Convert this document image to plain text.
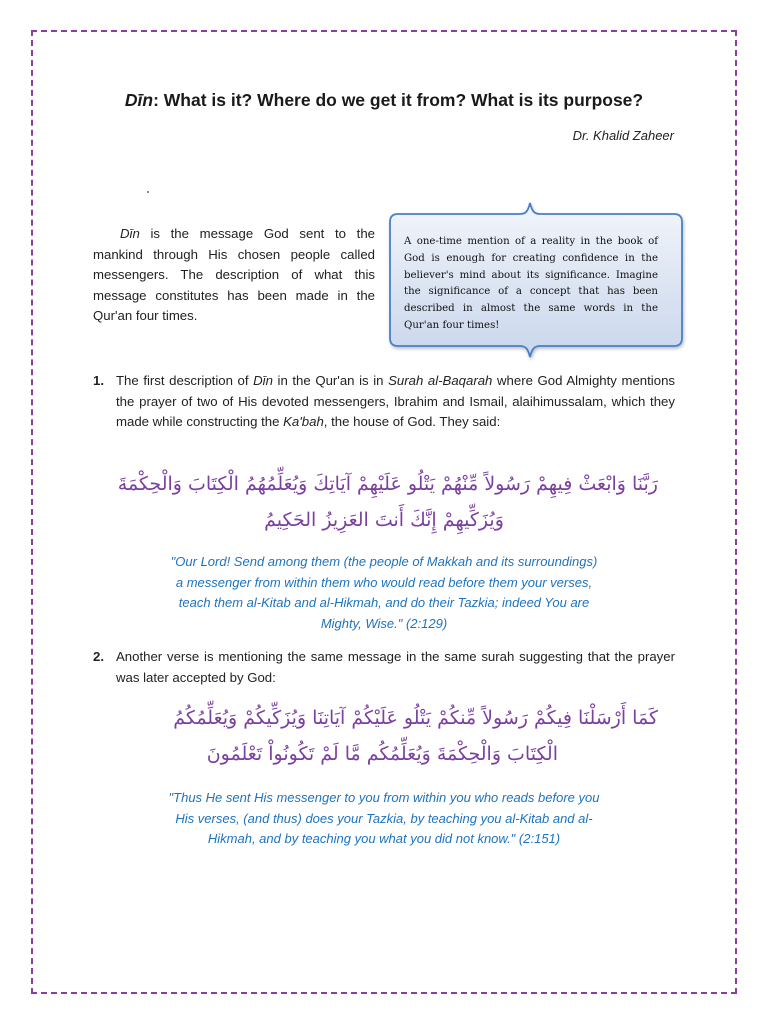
Dīn: What is it? Where do we get it from? What is its purpose?
Dr. Khalid Zaheer
Dīn is the message God sent to the mankind through His chosen people called messengers. The description of what this message constitutes has been made in the Qur'an four times.
A one-time mention of a reality in the book of God is enough for creating confidence in the believer's mind about its significance. Imagine the significance of a concept that has been described in almost the same words in the Qur'an four times!
1. The first description of Dīn in the Qur'an is in Surah al-Baqarah where God Almighty mentions the prayer of two of His devoted messengers, Ibrahim and Ismail, alaihimussalam, which they made while constructing the Ka'bah, the house of God. They said:
رَبَّنَا وَابْعَثْ فِيهِمْ رَسُولاً مِّنْهُمْ يَتْلُو عَلَيْهِمْ آيَاتِكَ وَيُعَلِّمُهُمُ الْكِتَابَ وَالْحِكْمَةَ
وَيُزَكِّيهِمْ إِنَّكَ أَنتَ العَزِيزُ الحَكِيمُ
"Our Lord! Send among them (the people of Makkah and its surroundings)
a messenger from within them who would read before them your verses,
teach them al-Kitab and al-Hikmah, and do their Tazkia; indeed You are
Mighty, Wise." (2:129)
2. Another verse is mentioning the same message in the same surah suggesting that the prayer was later accepted by God:
كَمَا أَرْسَلْنَا فِيكُمْ رَسُولاً مِّنكُمْ يَتْلُو عَلَيْكُمْ آيَاتِنَا وَيُزَكِّيكُمْ وَيُعَلِّمُكُمُ
الْكِتَابَ وَالْحِكْمَةَ وَيُعَلِّمُكُم مَّا لَمْ تَكُونُواْ تَعْلَمُونَ
"Thus He sent His messenger to you from within you who reads before you
His verses, (and thus) does your Tazkia, by teaching you al-Kitab and al-
Hikmah, and by teaching you what you did not know." (2:151)
